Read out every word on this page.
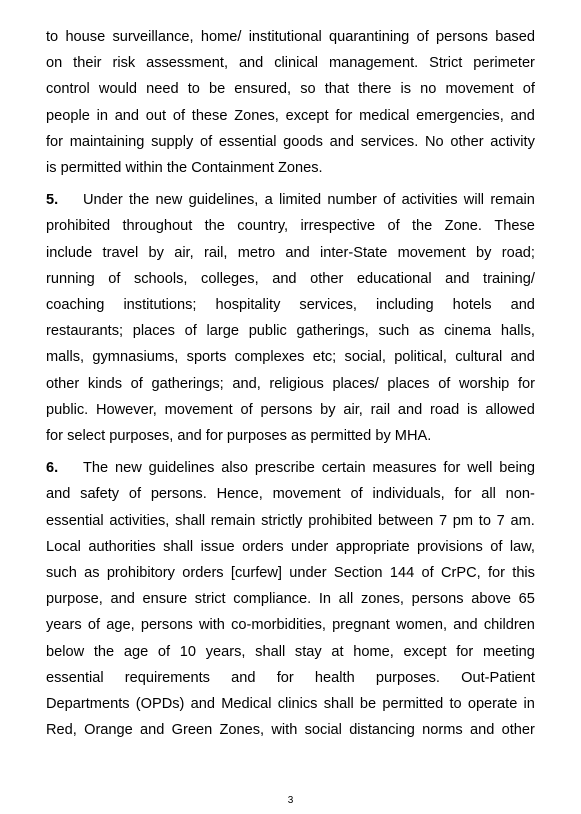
to house surveillance, home/ institutional quarantining of persons based
on their risk assessment, and clinical management. Strict perimeter
control would need to be ensured, so that there is no movement of
people in and out of these Zones, except for medical emergencies, and
for maintaining supply of essential goods and services. No other activity
is permitted within the Containment Zones.
5. Under the new guidelines, a limited number of activities will remain
prohibited throughout the country, irrespective of the Zone. These
include travel by air, rail, metro and inter-State movement by road;
running of schools, colleges, and other educational and training/
coaching institutions; hospitality services, including hotels and
restaurants; places of large public gatherings, such as cinema halls,
malls, gymnasiums, sports complexes etc; social, political, cultural and
other kinds of gatherings; and, religious places/ places of worship for
public. However, movement of persons by air, rail and road is allowed
for select purposes, and for purposes as permitted by MHA.
6. The new guidelines also prescribe certain measures for well being
and safety of persons. Hence, movement of individuals, for all non-
essential activities, shall remain strictly prohibited between 7 pm to 7 am.
Local authorities shall issue orders under appropriate provisions of law,
such as prohibitory orders [curfew] under Section 144 of CrPC, for this
purpose, and ensure strict compliance. In all zones, persons above 65
years of age, persons with co-morbidities, pregnant women, and children
below the age of 10 years, shall stay at home, except for meeting
essential requirements and for health purposes. Out-Patient
Departments (OPDs) and Medical clinics shall be permitted to operate in
Red, Orange and Green Zones, with social distancing norms and other
3
